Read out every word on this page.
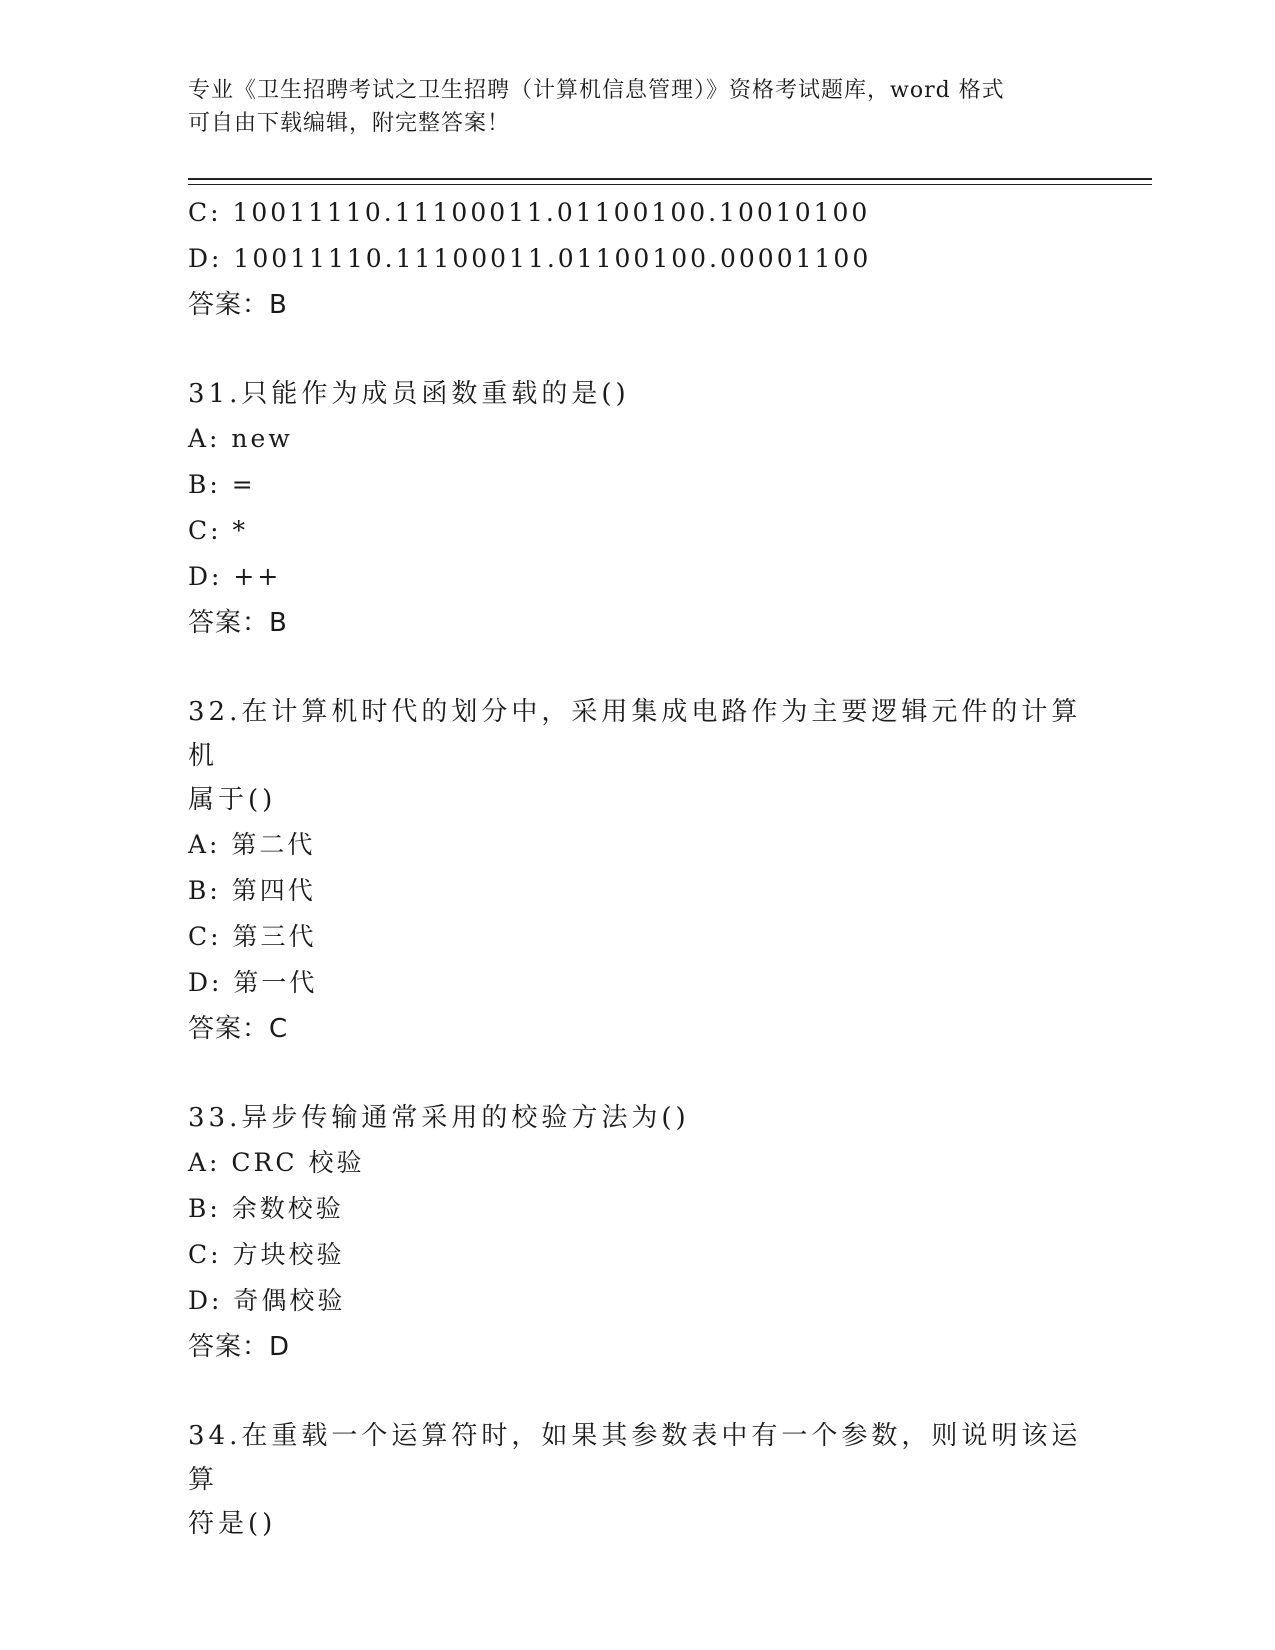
专业《卫生招聘考试之卫生招聘（计算机信息管理）》资格考试题库，word 格式
可自由下载编辑，附完整答案！
C: 10011110.11100011.01100100.10010100
D: 10011110.11100011.01100100.00001100
答案：B
31.只能作为成员函数重载的是()
A: new
B: =
C: *
D: ++
答案：B
32.在计算机时代的划分中，采用集成电路作为主要逻辑元件的计算机
属于()
A: 第二代
B: 第四代
C: 第三代
D: 第一代
答案：C
33.异步传输通常采用的校验方法为()
A: CRC 校验
B: 余数校验
C: 方块校验
D: 奇偶校验
答案：D
34.在重载一个运算符时，如果其参数表中有一个参数，则说明该运算
符是()
